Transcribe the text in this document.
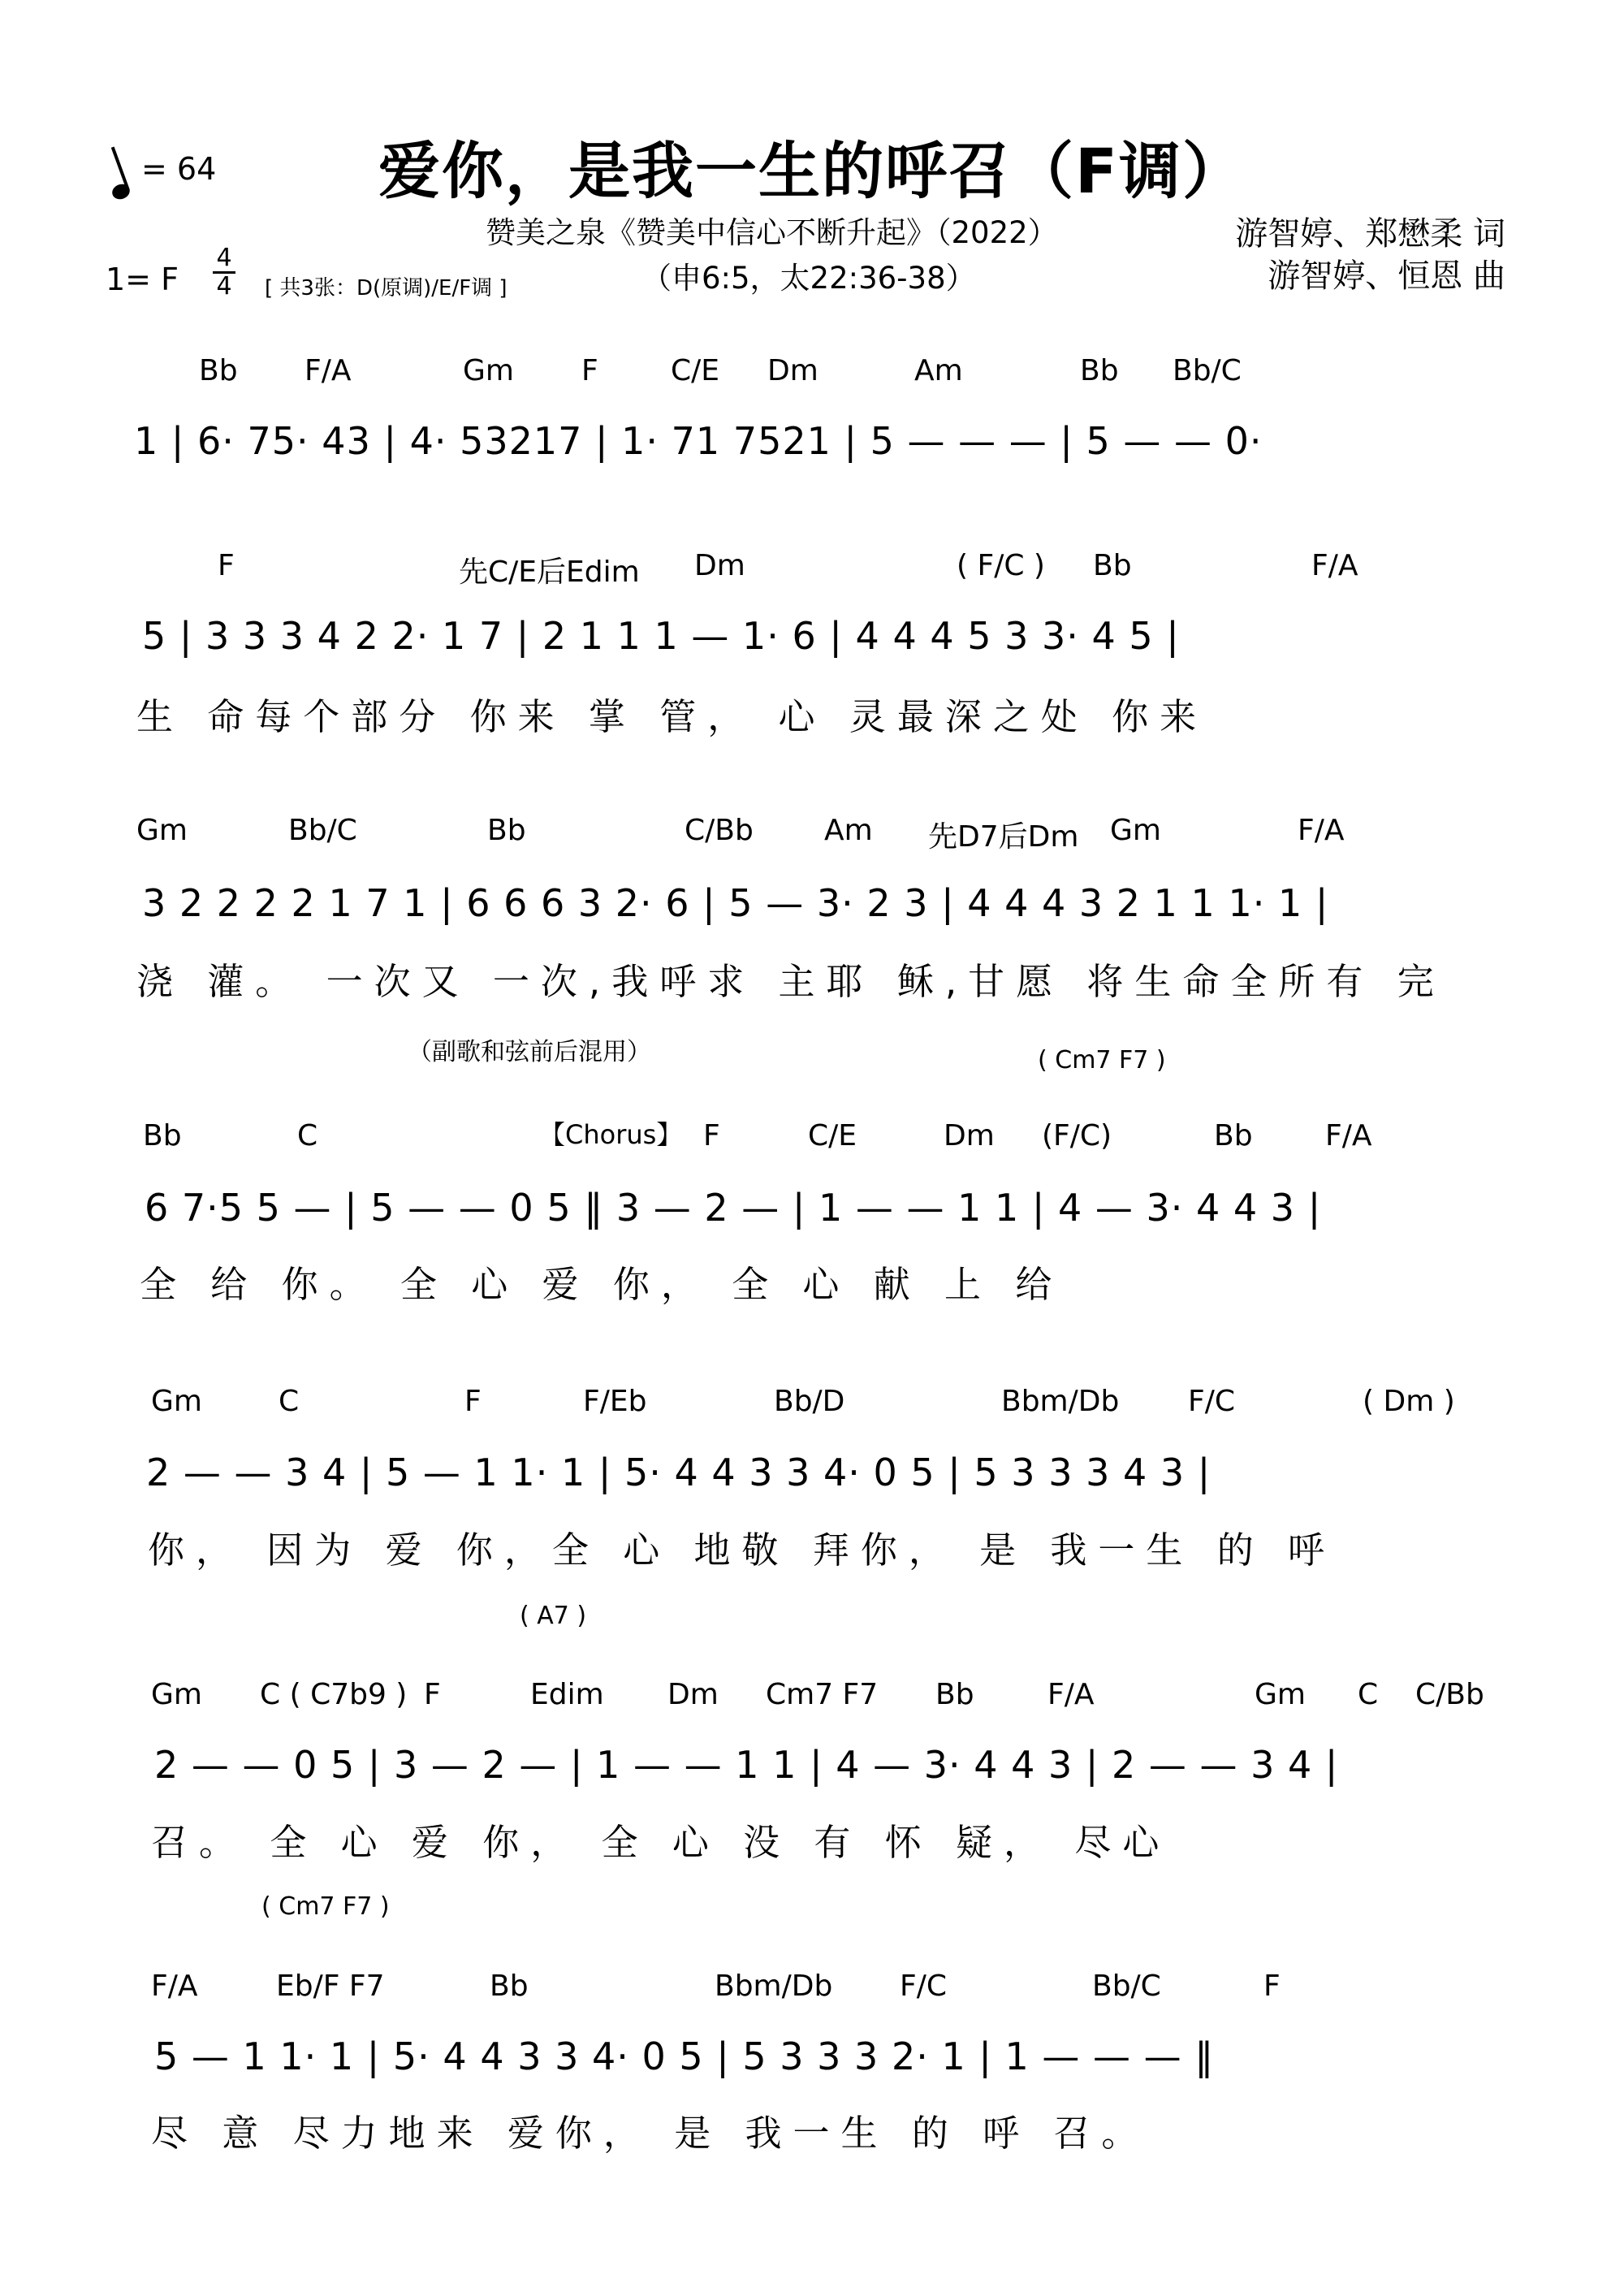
爱你，是我一生的呼召（F调）
= 64
赞美之泉《赞美中信心不断升起》（2022）
（申6:5，太22:36-38）
游智婷、郑懋柔 词
游智婷、恒恩 曲
1= F
4
4 [ 共3张：D(原调)/E/F调 ]
Bb F/A	Gm F C/E Dm	Am	Bb Bb/C
1 | 6· 75· 43 | 4· 53217 | 1· 71 7521 | 5 — — — | 5 — — 0·
F	先C/E后Edim Dm	( F/C ) Bb	F/A
5 | 3 3 3 4 2 2· 1 7 | 2 1 1 1 — 1· 6 | 4 4 4 5 3 3· 4 5 |
生 命每个部分 你来 掌 管， 心 灵最深之处 你来
Gm	Bb/C	Bb	C/Bb Am 先D7后Dm Gm	F/A
3 2 2 2 2 1 7 1 | 6 6 6 3 2· 6 | 5 — 3· 2 3 | 4 4 4 3 2 1 1 1· 1 |
浇 灌。 一次又 一次,我呼求 主耶 稣,甘愿 将生命全所有 完
（副歌和弦前后混用）	( Cm7 F7 )
Bb	C	【Chorus】 F	C/E	Dm (F/C)	Bb F/A
6 7·5 5 — | 5 — — 0 5 ‖ 3 — 2 — | 1 — — 1 1 | 4 — 3· 4 4 3 |
全 给 你。 全 心 爱 你， 全 心 献 上 给
Gm	C	F	F/Eb	Bb/D	Bbm/Db F/C	( Dm )
2 — — 3 4 | 5 — 1 1· 1 | 5· 4 4 3 3 4· 0 5 | 5 3 3 3 4 3 |
你， 因为 爱 你，全 心 地敬 拜你， 是 我一生 的 呼
( A7 )
Gm C ( C7b9 ) F	Edim Dm Cm7 F7 Bb	F/A	Gm C C/Bb
2 — — 0 5 | 3 — 2 — | 1 — — 1 1 | 4 — 3· 4 4 3 | 2 — — 3 4 |
召。 全 心 爱 你， 全 心 没 有 怀 疑， 尽心
( Cm7 F7 )
F/A	Eb/F F7	Bb	Bbm/Db F/C	Bb/C	F
5 — 1 1· 1 | 5· 4 4 3 3 4· 0 5 | 5 3 3 3 2· 1 | 1 — — — ‖
尽 意 尽力地来 爱你， 是 我一生 的 呼 召。
